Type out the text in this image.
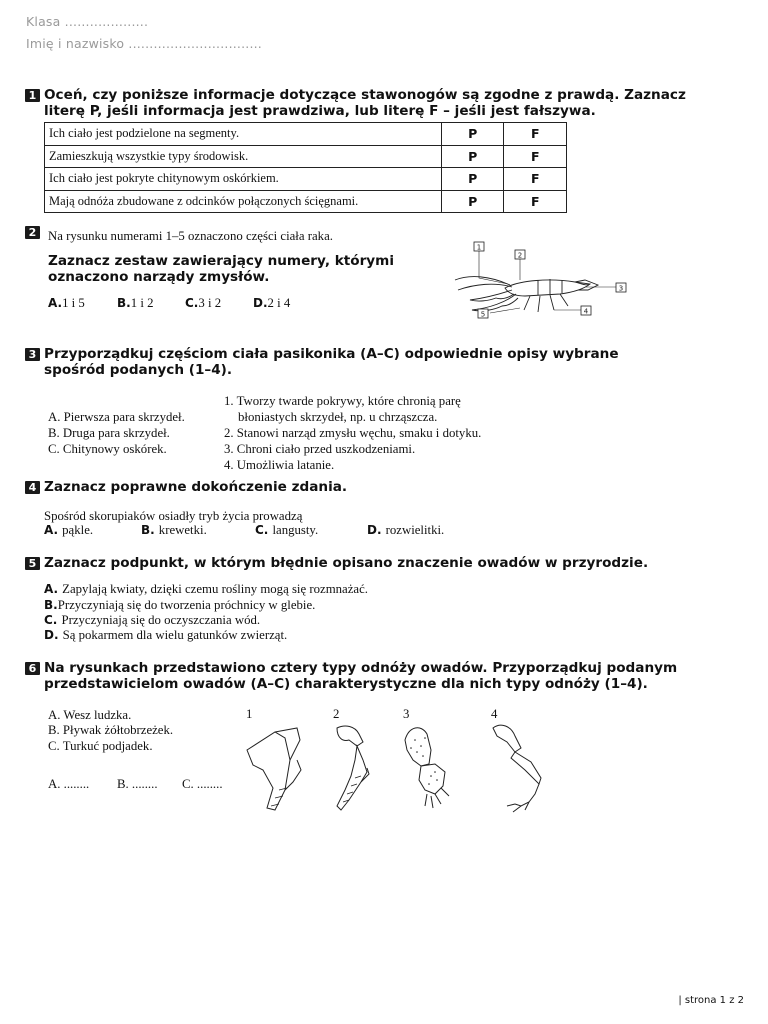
Klasa ....................
Imię i nazwisko ................................
1 Oceń, czy poniższe informacje dotyczące stawonogów są zgodne z prawdą. Zaznacz
literę P, jeśli informacja jest prawdziwa, lub literę F – jeśli jest fałszywa.
Ich ciało jest podzielone na segmenty.	P	F
Zamieszkują wszystkie typy środowisk.	P	F
Ich ciało jest pokryte chitynowym oskórkiem.	P	F
Mają odnóża zbudowane z odcinków połączonych ścięgnami.	P	F
2 Na rysunku numerami 1–5 oznaczono części ciała raka.
Zaznacz zestaw zawierający numery, którymi
oznaczono narządy zmysłów.
A.1 i 5	B.1 i 2	C.3 i 2	D.2 i 4
1
2
3
4
5
3 Przyporządkuj częściom ciała pasikonika (A–C) odpowiednie opisy wybrane
spośród podanych (1–4).
1. Tworzy twarde pokrywy, które chronią parę
błoniastych skrzydeł, np. u chrząszcza.
2. Stanowi narząd zmysłu węchu, smaku i dotyku.
3. Chroni ciało przed uszkodzeniami.
4. Umożliwia latanie.
A. Pierwsza para skrzydeł.
B. Druga para skrzydeł.
C. Chitynowy oskórek.
4 Zaznacz poprawne dokończenie zdania.
Spośród skorupiaków osiadły tryb życia prowadzą
A. pąkle.	B. krewetki.	C. langusty.	D. rozwielitki.
5 Zaznacz podpunkt, w którym błędnie opisano znaczenie owadów w przyrodzie.
A. Zapylają kwiaty, dzięki czemu rośliny mogą się rozmnażać.
B.Przyczyniają się do tworzenia próchnicy w glebie.
C. Przyczyniają się do oczyszczania wód.
D. Są pokarmem dla wielu gatunków zwierząt.
6 Na rysunkach przedstawiono cztery typy odnóży owadów. Przyporządkuj podanym
przedstawicielom owadów (A–C) charakterystyczne dla nich typy odnóży (1–4).
A. Wesz ludzka.
B. Pływak żółtobrzeżek.
C. Turkuć podjadek.
A. ........ B. ........ C. ........
1	2	3	4
| strona 1 z 2
